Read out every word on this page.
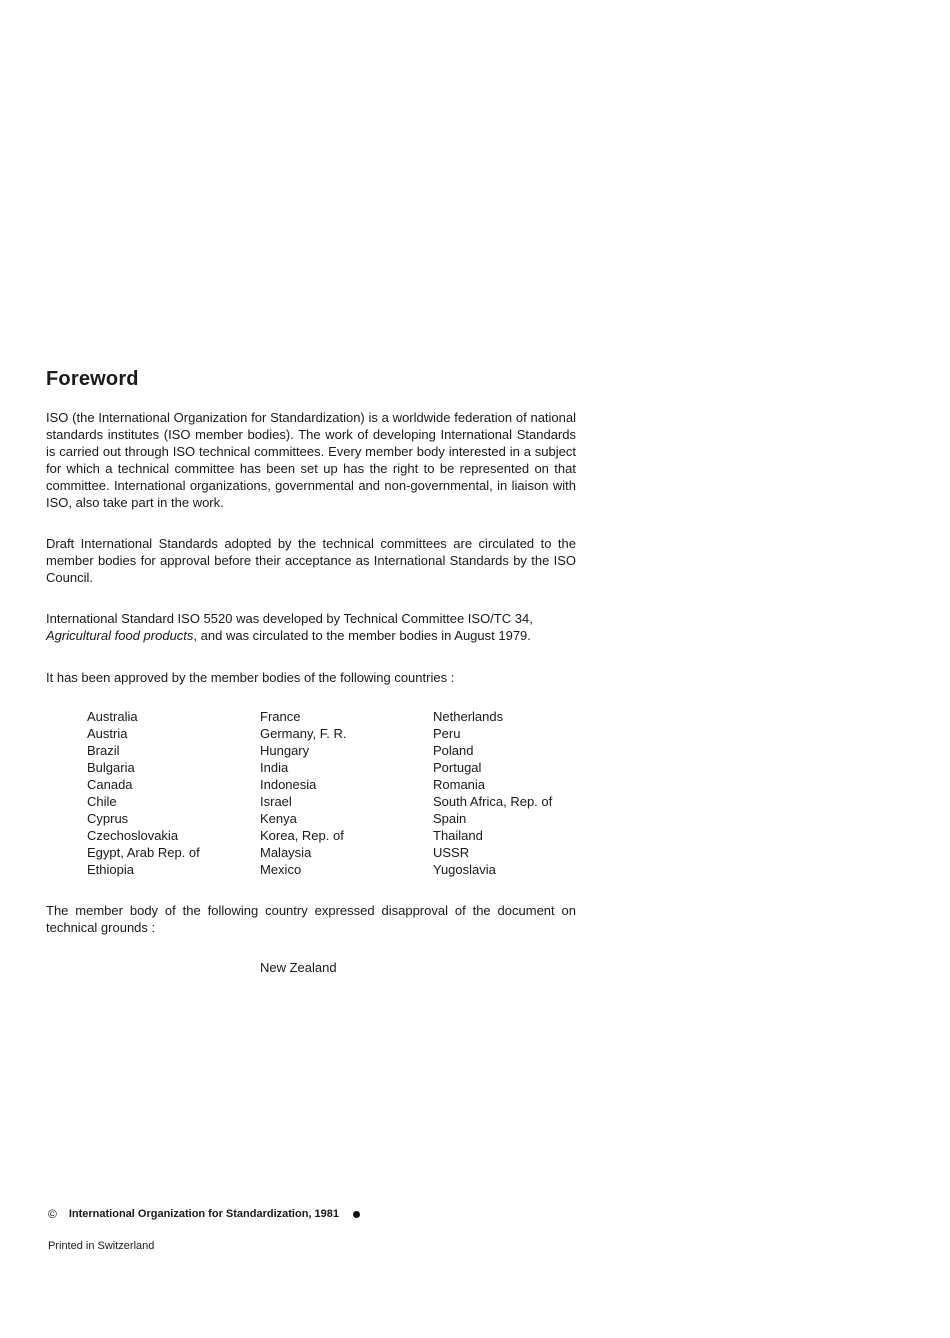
Foreword

ISO (the International Organization for Standardization) is a worldwide federation of national standards institutes (ISO member bodies). The work of developing International Standards is carried out through ISO technical committees. Every member body interested in a subject for which a technical committee has been set up has the right to be represented on that committee. International organizations, governmental and non-governmental, in liaison with ISO, also take part in the work.

Draft International Standards adopted by the technical committees are circulated to the member bodies for approval before their acceptance as International Standards by the ISO Council.

International Standard ISO 5520 was developed by Technical Committee ISO/TC 34,
Agricultural food products, and was circulated to the member bodies in August 1979.

It has been approved by the member bodies of the following countries :

Australia
Austria
Brazil
Bulgaria
Canada
Chile
Cyprus
Czechoslovakia
Egypt, Arab Rep. of
Ethiopia
France
Germany, F. R.
Hungary
India
Indonesia
Israel
Kenya
Korea, Rep. of
Malaysia
Mexico
Netherlands
Peru
Poland
Portugal
Romania
South Africa, Rep. of
Spain
Thailand
USSR
Yugoslavia

The member body of the following country expressed disapproval of the document on technical grounds :

New Zealand
© International Organization for Standardization, 1981
Printed in Switzerland
